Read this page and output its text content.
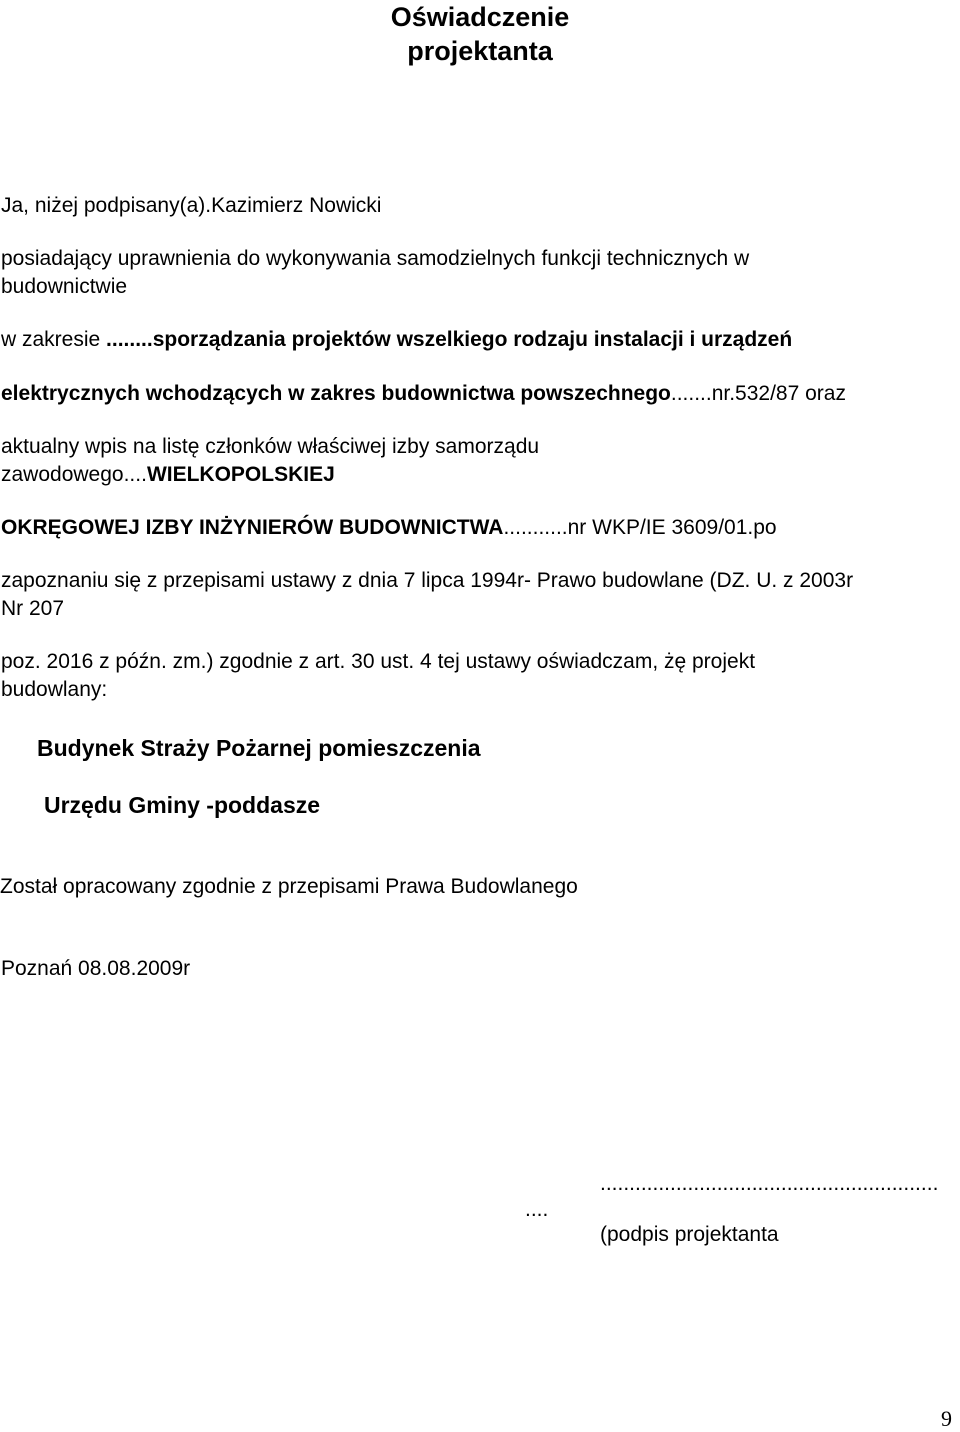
Oświadczenie
projektanta
Ja, niżej podpisany(a).Kazimierz Nowicki
posiadający uprawnienia do wykonywania samodzielnych funkcji technicznych w
budownictwie
w zakresie ........sporządzania projektów wszelkiego rodzaju instalacji i urządzeń
elektrycznych wchodzących w zakres budownictwa powszechnego.......nr.532/87 oraz
aktualny wpis na listę członków właściwej izby samorządu
zawodowego....WIELKOPOLSKIEJ
OKRĘGOWEJ IZBY INŻYNIERÓW BUDOWNICTWA...........nr WKP/IE 3609/01.po
zapoznaniu się z przepisami ustawy z dnia 7 lipca 1994r- Prawo budowlane (DZ. U. z 2003r
Nr 207
poz. 2016 z późn. zm.) zgodnie z art. 30 ust. 4 tej ustawy oświadczam, żę projekt
budowlany:
Budynek Straży Pożarnej pomieszczenia
Urzędu Gminy -poddasze
Został opracowany zgodnie z przepisami Prawa Budowlanego
Poznań 08.08.2009r
....
..........................................................
(podpis projektanta
9
